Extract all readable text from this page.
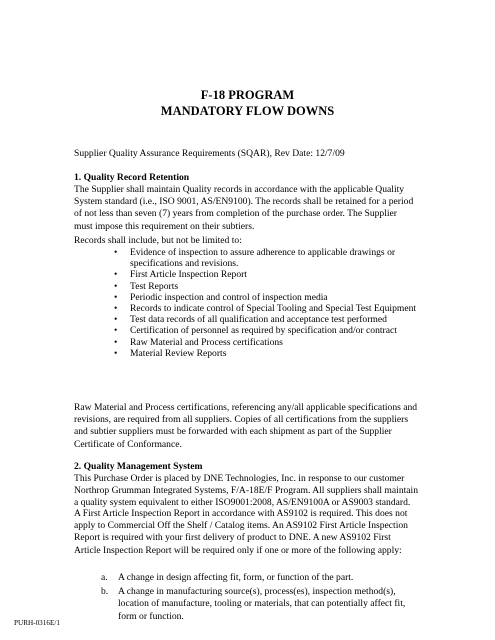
F-18 PROGRAM
MANDATORY FLOW DOWNS

Supplier Quality Assurance Requirements (SQAR), Rev Date: 12/7/09

1. Quality Record Retention

The Supplier shall maintain Quality records in accordance with the applicable Quality

System standard (i.e., ISO 9001, AS/EN9100). The records shall be retained for a period

of not less than seven (7) years from completion of the purchase order. The Supplier

must impose this requirement on their subtiers.

Records shall include, but not be limited to:

• Evidence of inspection to assure adherence to applicable drawings or
specifications and revisions.
• First Article Inspection Report
• Test Reports
• Periodic inspection and control of inspection media
• Records to indicate control of Special Tooling and Special Test Equipment
• Test data records of all qualification and acceptance test performed
• Certification of personnel as required by specification and/or contract
• Raw Material and Process certifications
• Material Review Reports

Raw Material and Process certifications, referencing any/all applicable specifications and

revisions, are required from all suppliers. Copies of all certifications from the suppliers

and subtier suppliers must be forwarded with each shipment as part of the Supplier

Certificate of Conformance.

2. Quality Management System

This Purchase Order is placed by DNE Technologies, Inc. in response to our customer

Northrop Grumman Integrated Systems, F/A-18E/F Program. All suppliers shall maintain

a quality system equivalent to either ISO9001:2008, AS/EN9100A or AS9003 standard.

A First Article Inspection Report in accordance with AS9102 is required. This does not

apply to Commercial Off the Shelf / Catalog items. An AS9102 First Article Inspection

Report is required with your first delivery of product to DNE. A new AS9102 First

Article Inspection Report will be required only if one or more of the following apply:

a. A change in design affecting fit, form, or function of the part.
b. A change in manufacturing source(s), process(es), inspection method(s),
location of manufacture, tooling or materials, that can potentially affect fit,
form or function.
PURH-0316E/1
